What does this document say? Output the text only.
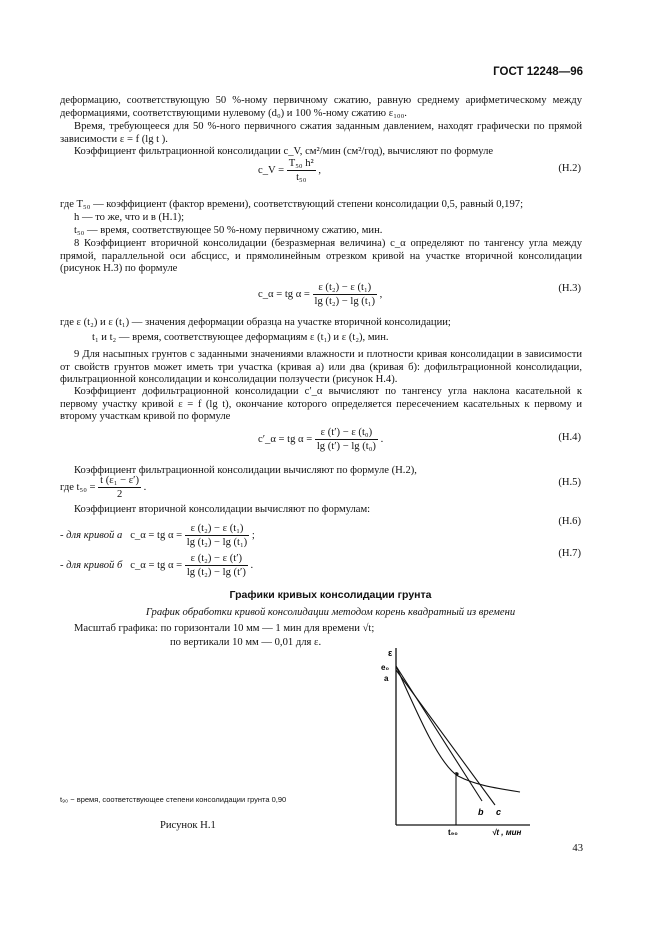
ГОСТ 12248—96
деформацию, соответствующую 50 %-ному первичному сжатию, равную среднему арифметическому между деформациями, соответствующими нулевому (d₀) и 100 %-ному сжатию ε₁₀₀.
Время, требующееся для 50 %-ного первичного сжатия заданным давлением, находят графически по прямой зависимости ε = f (lg t ).
Коэффициент фильтрационной консолидации c_V, см²/мин (см²/год), вычисляют по формуле
c_V = $\frac{\text{T₅₀ h²}}{\text{t₅₀}}$ ,	(Н.2)
где T₅₀ — коэффициент (фактор времени), соответствующий степени консолидации 0,5, равный 0,197;
h — то же, что и в (Н.1);
t₅₀ — время, соответствующее 50 %-ному первичному сжатию, мин.
8 Коэффициент вторичной консолидации (безразмерная величина) c_α определяют по тангенсу угла между прямой, параллельной оси абсцисс, и прямолинейным отрезком кривой на участке вторичной консолидации (рисунок Н.3) по формуле
c_α = tg $\alpha = \frac{\text{ε (t₂) − ε (t₁)}}{\text{lg (t₂) − lg (t₁)}}$ ,
(Н.3)
где ε (t₂) и ε (t₁) — значения деформации образца на участке вторичной консолидации;
t₁ и t₂ — время, соответствующее деформациям ε (t₁) и ε (t₂), мин.
9 Для насыпных грунтов с заданными значениями влажности и плотности кривая консолидации в зависимости от свойств грунтов может иметь три участка (кривая а) или два (кривая б): дофильтрационной консолидации, фильтрационной консолидации и консолидации ползучести (рисунок Н.4).
Коэффициент дофильтрационной консолидации c′_α вычисляют по тангенсу угла наклона касательной к первому участку кривой ε = f (lg t), окончание которого определяется пересечением касательных к первому и второму участкам кривой по формуле
c′_α = tg $\alpha = \frac{\text{ε (t′) − ε (t₀)}}{\text{lg (t′) − lg (t₀)}}$ .	(Н.4)
Коэффициент фильтрационной консолидации вычисляют по формуле (Н.2),
где $t_{50} = \frac{\text{t (ε₁ − ε′)}}{2}$ .	(Н.5)
Коэффициент вторичной консолидации вычисляют по формулам:
- для кривой а c_α = tg $\alpha = \frac{\text{ε (t₂) − ε (t₁)}}{\text{lg (t₂) − lg (t₁)}}$ ;
(Н.6)
- для кривой б c_α = tg $\alpha = \frac{\text{ε (t₂) − ε (t′)}}{\text{lg (t₂) − lg (t′)}}$ .
(Н.7)
Графики кривых консолидации грунта
График обработки кривой консолидации методом корень квадратный из времени
Масштаб графика: по горизонтали 10 мм — 1 мин для времени √t;
по вертикали 10 мм — 0,01 для ε.
ε
e₀
a
b c
t₉₀	√t , мин
t₉₀ − время, соответствующее степени консолидации грунта 0,90
Рисунок Н.1
43
